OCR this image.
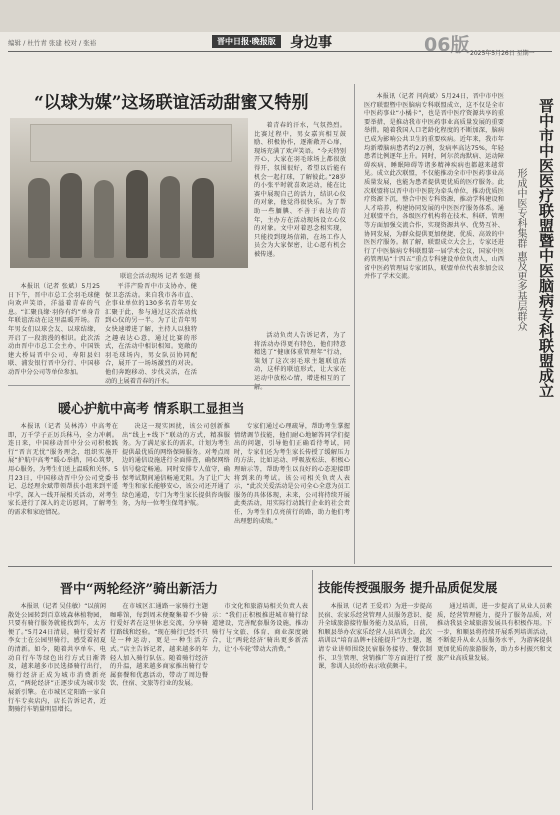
编辑 / 杜竹青 张建 校对 / 张裕	晋中日报·晚报版	身边事	06版 2025年5月26日 星期一
“以球为媒”这场联谊活动甜蜜又特别
联谊会活动现场 记者 张题 摄
本报讯（记者 张斌）5月25日下午，晋中市总工会羽毛球健向欢声笑语，洋溢着青春的气息。“汇聚良缘·羽你有约”单身青年联谊活动在这里温暖开场。青年男女们以球会友、以球结缘，开启了一段浪漫的相识。此次活动由晋中市总工会主办，中国铁建大桥局晋中公司、寿阳县妇联、浦发银行晋中分行、中国移动晋中分公司等单位参加。
平洋产险晋中市支协办，健保卫态活动。来自我市各市直、企事业单位的130多名青年男女汇聚于此，参与通过这次活动找到心仪的另一半。为了让青年男女快速增进了解，主持人以独特之趣表达心意，通过比赛的形式，在活动中相识相知。宽敞的羽毛球场内，男女队员协同配合，展开了一场场激烈的对决。他们奔跑移动、步伐灵活，在活动的上展着青春的汗水。
着青春的汗水，气氛热烈。比赛过程中，男女嘉宾相互鼓励、积极协作，逐渐敞开心扉，现场充满了欢声笑语。“今天特别开心，大家在羽毛球场上都很放得开，氛围很好，希望以后能有机会一起打球，了解彼此。”28岁的小张平时就喜欢运动，能在比赛中展现自己的活力，结识心仪的对象，他觉得很快乐。为了帮助一些腼腆、不善于表达的青年，主办方在活动现场设立心仪的对象。文中对着思念相实现，只能投到现场信箱，在场工作人员会为大家保密，让心愿有机会被传递。
活动负责人告诉记者，为了将活动办得更有特色，他们特意精选了“健康体重管理年”行动，策划了这次羽毛球主题联谊活动，这样的联谊形式，让大家在运动中放松心情，增进相互的了解。	晋中市中医医疗联盟暨中医脑病专科联盟成立
形成中医专科集群 惠及更多基层群众
本报讯（记者 闫尚斌）5月24日，晋中市中医医疗联盟暨中医脑病专科联盟成立，这不仅是全市中医药事业“小橘卡”，也是晋中医疗资源共享的重要举措，是推动我市中医药事业高质量发展的重要举措。随着我国人口老龄化程度的不断加深，脑病已成为影响公共卫生的重要疾病。近年来，我市年均新增脑病患者约2万例，发病率高达75%，年轻患者比例逐年上升。同时，阿尔茨海默病、运动障碍疾病、睡眠障碍等诸多精神疾病也都越来越常见。成立此次联盟，不仅能推动全市中医药事业高质量发展，也能为患者提供更优质的医疗服务。此次联盟将以晋中市中医院为牵头单位，推动优质医疗资源下沉，整合中医专科资源，推动学科建设和人才培养，构建协同发展的中医医疗服务体系。通过联盟平台，各级医疗机构将在技术、科研、管理等方面加强交流合作，实现资源共享、优势互补、协同发展，为群众提供更加便捷、优质、高效的中医医疗服务。据了解，联盟成立大会上，专家还进行了中医脑病专科联盟第一届学术会议，国家中医药管理局“十四五”重点专科建设单位负责人，山西省中医药管理局专家团队，联盟单位代表参加会议并作了学术交流。
暖心护航中高考 情系职工显担当
本报讯（记者 吴林涛）中高考在即，万千学子正厉兵秣马，全力冲刺。连日来，中国移动晋中分公司积极践行“晋言无忧”服务理念，组织实施开展“护航中高考”暖心举措，同心筑梦，用心服务，为考生们送上温暖和关怀。5月23日，中国移动晋中分公司党委书记、总经理余斌带领帮扶小组来到平遥中学，深入一线开展相关活动，对考生家长进行了深入的走访慰问，了解考生的需求和家庭情况。
决这一现实困扰，该公司创新推出“线上+线下”联动的方式，精准服务。为了满足家长的需求，计划为考生提供最优质的网络保障服务。对考点周边的通信设施进行全面排查，确保网络信号稳定畅通。同时安排专人值守，确保考试期间通信畅通无阻。为了让广大考生和家长能够安心，该公司还开通了绿色通道，专门为考生家长提供咨询服务，为每一位考生保驾护航。
专家们通过心理疏导，帮助考生掌握情绪调节技能，他们耐心地解答同学们提出的问题，引导他们正确看待考试，同时，专家们还为考生家长传授了缓解压力的方法，比如运动、呼吸放松法、积极心理暗示等，帮助考生以良好的心态迎接即将到来的考试。该公司相关负责人表示，“此次关爱活动是公司全心全意为员工服务的具体体现，未来，公司将持续开展此类活动，用实际行动践行企业的社会责任，为考生们点亮前行的路，助力他们考出理想的成绩。”
晋中“两轮经济”骑出新活力
本报讯（记者 吴佳敏）“以前闲散处公园转到百草坡森林植物园，只要有骑行服务就能找到车，太方便了。”5月24日清晨，骑行爱好者李女士在公园里骑行，感受着初夏的清新。如今，随着共享单车、电动自行车等绿色出行方式日渐普及，越来越多市民选择骑行出行，骑行经济正成为城市消费新亮点，“两轮经济”正逐步成为城市发展新引擎。在市城区定阳路一家自行车专卖店内，店长告诉记者，近期骑行车销量明显增长。
在市城区汇通路一家骑行主题咖啡馆，每到周末便聚集着不少骑行爱好者在这里休息交流，分享骑行路线和经验。“现在骑行已经不只是一种运动，更是一种生活方式。”店主告诉记者，越来越多的年轻人加入骑行队伍。随着骑行经济的升温，越来越多商家推出骑行专属套餐和优惠活动，带动了周边餐饮、住宿、文旅等行业的发展。
市文化和旅游局相关负责人表示：“我们正积极推进城市骑行绿道建设，完善配套服务设施，推动骑行与文旅、体育、商业深度融合，让‘两轮经济’骑出更多新活力，让‘小车轮’带动大消费。”
技能传授强服务 提升品质促发展
本报讯（记者 王爱君）为进一步提高民宿、农家乐经营管理人员服务意识、提升全域旅游接待服务能力及品质，日前，和顺县举办农家乐经营人员培训会。此次培训以“培育品牌+技能提升”为主题，邀请专业讲师围绕民宿服务接待、餐饮制作、卫生管理、营销推广等方面进行了授课，参训人员纷纷表示收获颇丰。
通过培训，进一步提高了从业人员素质，经营管理能力，提升了服务品质，对推动我县全域旅游发展具有积极作用。下一步，和顺县将持续开展系列培训活动，不断提升从业人员服务水平，为游客提供更加优质的旅游服务，助力乡村振兴和文旅产业高质量发展。
